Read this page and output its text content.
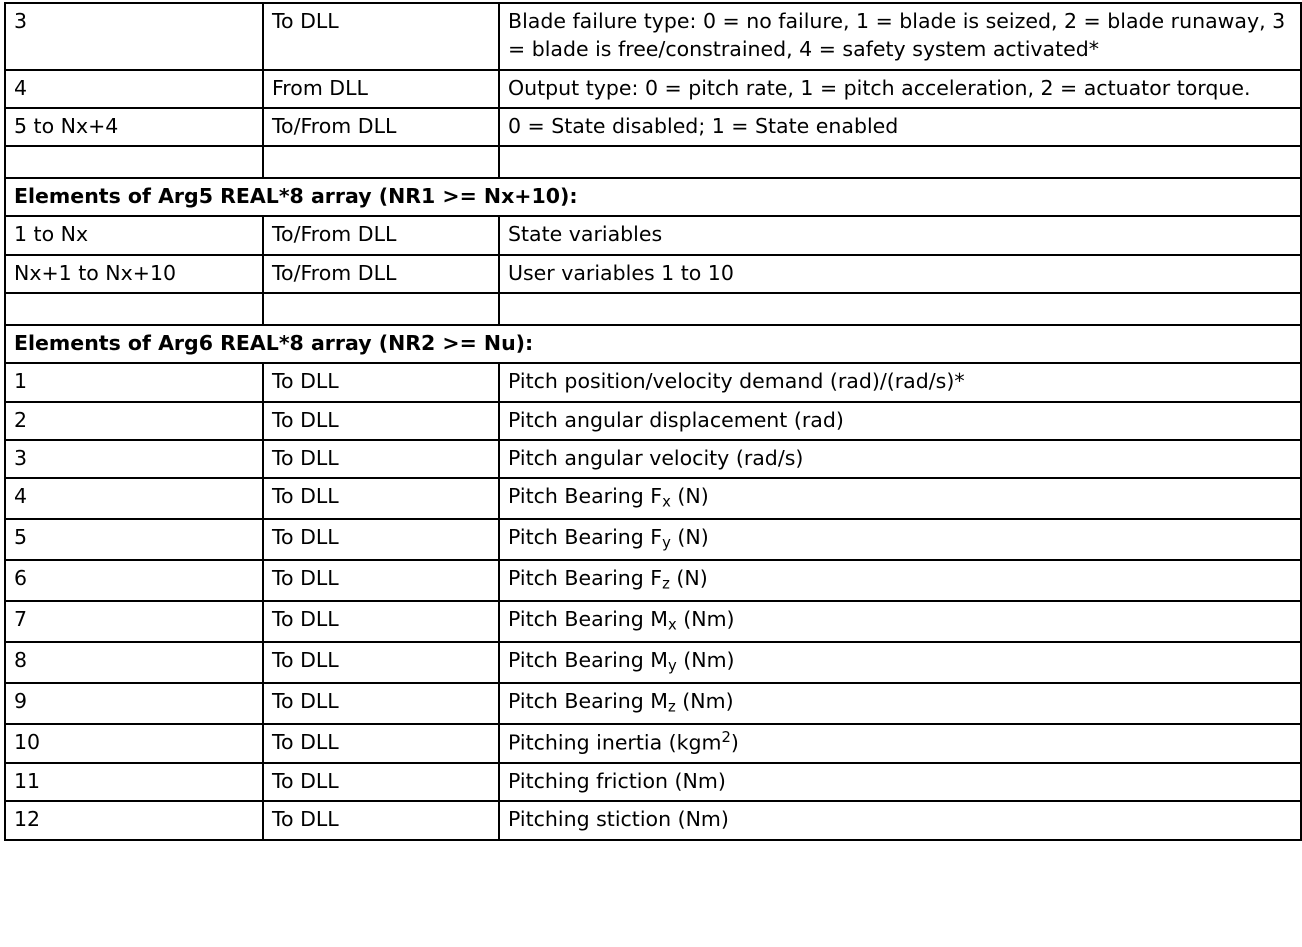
3	To DLL	Blade failure type: 0 = no failure, 1 = blade is seized, 2 = blade runaway, 3 = blade is free/constrained, 4 = safety system activated*
4	From DLL	Output type: 0 = pitch rate, 1 = pitch acceleration, 2 = actuator torque.
5 to Nx+4	To/From DLL	0 = State disabled; 1 = State enabled

Elements of Arg5 REAL*8 array (NR1 >= Nx+10):		
1 to Nx	To/From DLL	State variables
Nx+1 to Nx+10	To/From DLL	User variables 1 to 10

Elements of Arg6 REAL*8 array (NR2 >= Nu):		
1	To DLL	Pitch position/velocity demand (rad)/(rad/s)*
2	To DLL	Pitch angular displacement (rad)
3	To DLL	Pitch angular velocity (rad/s)
4	To DLL	Pitch Bearing $F_x$ (N)
5	To DLL	Pitch Bearing $F_y$ (N)
6	To DLL	Pitch Bearing $F_z$ (N)
7	To DLL	Pitch Bearing $M_x$ (Nm)
8	To DLL	Pitch Bearing $M_y$ (Nm)
9	To DLL	Pitch Bearing $M_z$ (Nm)
10	To DLL	Pitching inertia (kgm$^2$)
11	To DLL	Pitching friction (Nm)
12	To DLL	Pitching stiction (Nm)
